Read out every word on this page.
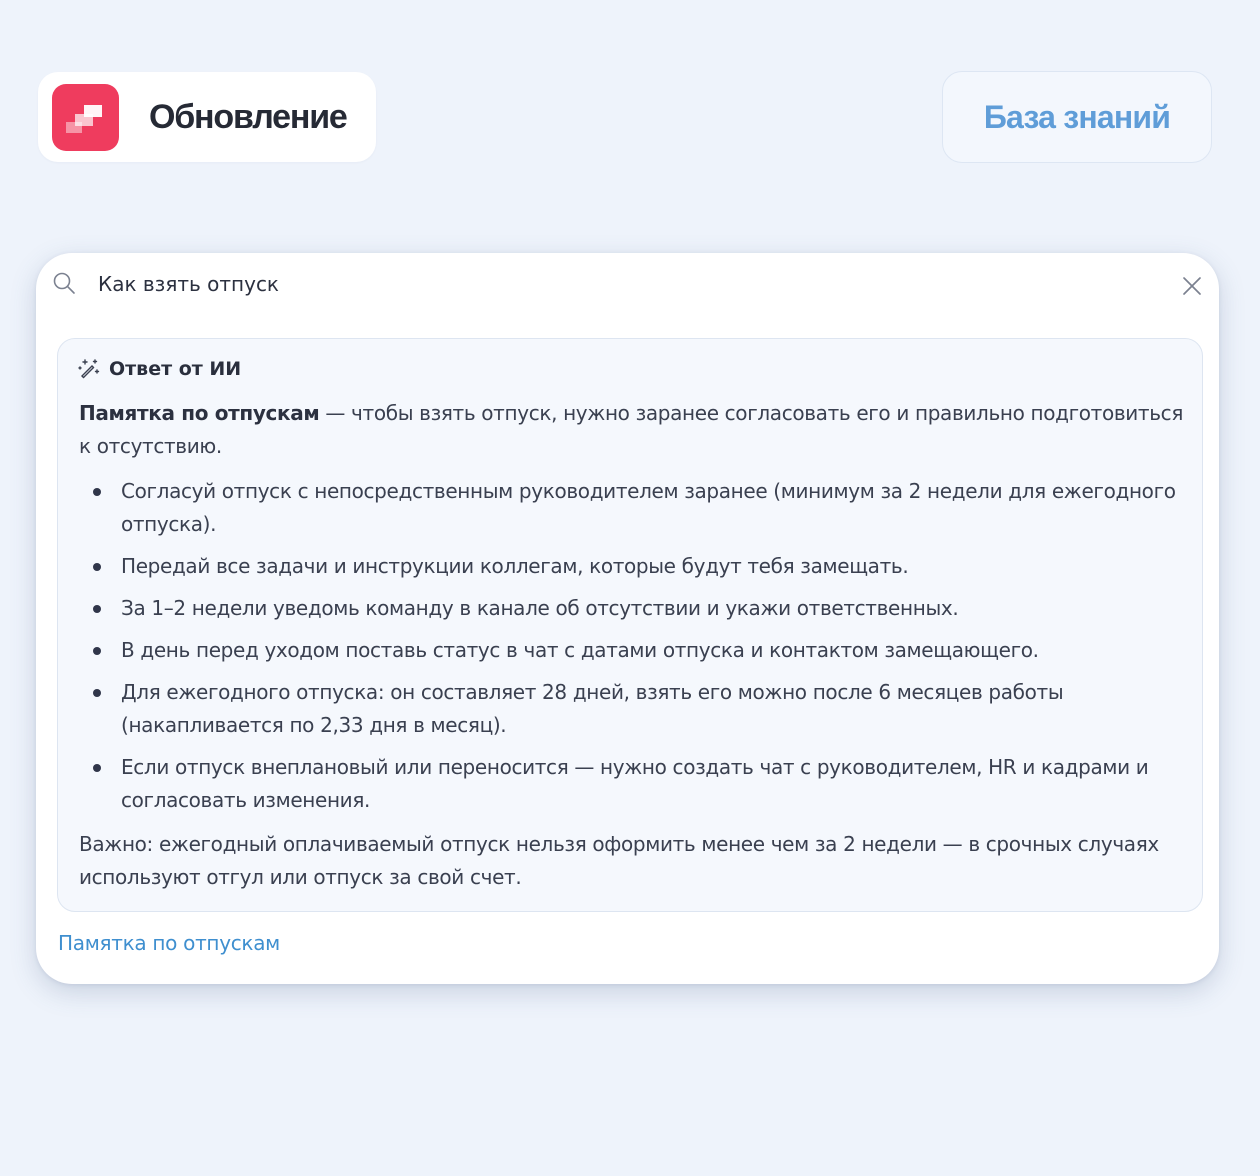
Обновление	База знаний
Как взять отпуск
Ответ от ИИ

Памятка по отпускам — чтобы взять отпуск, нужно заранее согласовать его и правильно подготовиться к отсутствию.

Согласуй отпуск с непосредственным руководителем заранее (минимум за 2 недели для ежегодного отпуска).
Передай все задачи и инструкции коллегам, которые будут тебя замещать.
За 1–2 недели уведомь команду в канале об отсутствии и укажи ответственных.
В день перед уходом поставь статус в чат с датами отпуска и контактом замещающего.
Для ежегодного отпуска: он составляет 28 дней, взять его можно после 6 месяцев работы (накапливается по 2,33 дня в месяц).
Если отпуск внеплановый или переносится — нужно создать чат с руководителем, HR и кадрами и согласовать изменения.

Важно: ежегодный оплачиваемый отпуск нельзя оформить менее чем за 2 недели — в срочных случаях используют отгул или отпуск за свой счет.

Памятка по отпускам
